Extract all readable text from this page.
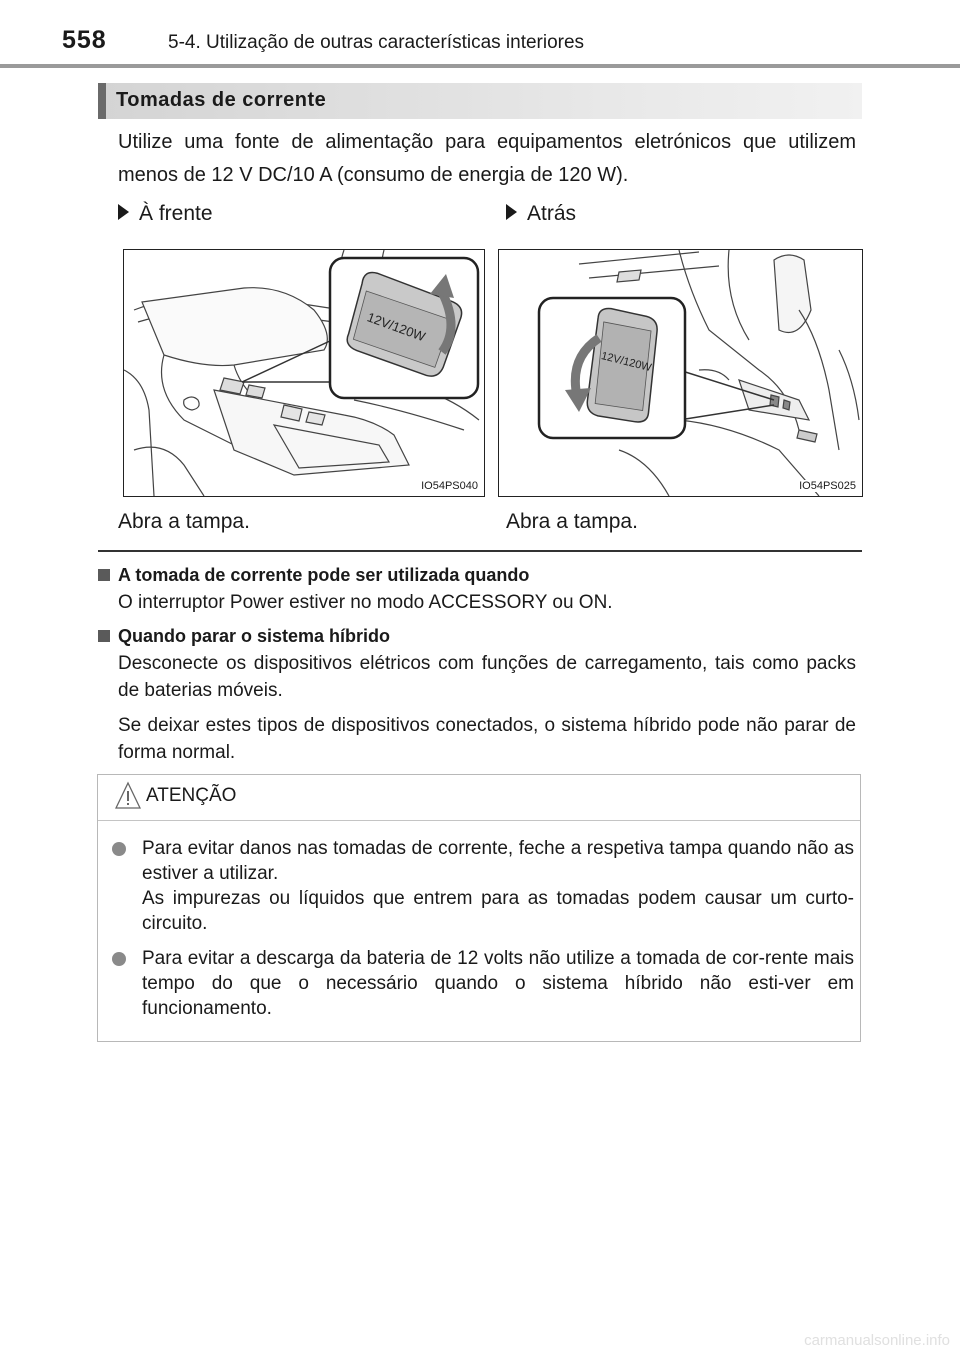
558	5-4. Utilização de outras características interiores
Tomadas de corrente
Utilize uma fonte de alimentação para equipamentos eletrónicos que utilizem menos de 12 V DC/10 A (consumo de energia de 120 W).
À frente	Atrás
12V/120W
IO54PS040
12V/120W
IO54PS025
Abra a tampa.	Abra a tampa.
A tomada de corrente pode ser utilizada quando
O interruptor Power estiver no modo ACCESSORY ou ON.
Quando parar o sistema híbrido
Desconecte os dispositivos elétricos com funções de carregamento, tais como packs de baterias móveis.
Se deixar estes tipos de dispositivos conectados, o sistema híbrido pode não parar de forma normal.
ATENÇÃO
Para evitar danos nas tomadas de corrente, feche a respetiva tampa quando não as estiver a utilizar.
As impurezas ou líquidos que entrem para as tomadas podem causar um curto-circuito.
Para evitar a descarga da bateria de 12 volts não utilize a tomada de cor-rente mais tempo do que o necessário quando o sistema híbrido não esti-ver em funcionamento.
carmanualsonline.info
